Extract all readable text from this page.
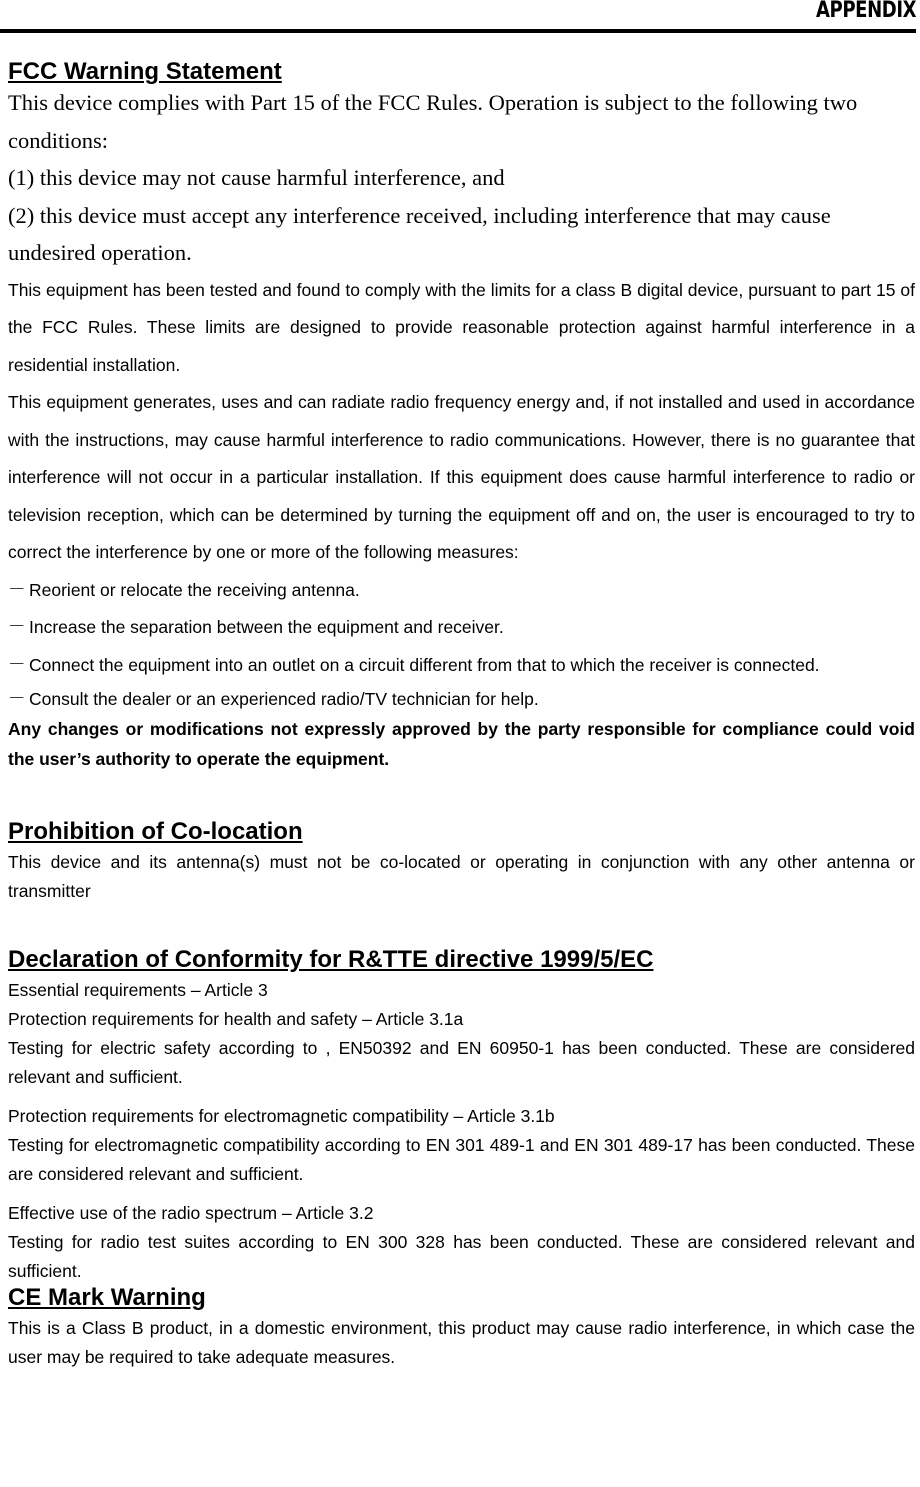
APPENDIX
FCC Warning Statement

This device complies with Part 15 of the FCC Rules. Operation is subject to the following two conditions:

(1) this device may not cause harmful interference, and

(2) this device must accept any interference received, including interference that may cause undesired operation.

This equipment has been tested and found to comply with the limits for a class B digital device, pursuant to part 15 of the FCC Rules. These limits are designed to provide reasonable protection against harmful interference in a residential installation.

This equipment generates, uses and can radiate radio frequency energy and, if not installed and used in accordance with the instructions, may cause harmful interference to radio communications. However, there is no guarantee that interference will not occur in a particular installation. If this equipment does cause harmful interference to radio or television reception, which can be determined by turning the equipment off and on, the user is encouraged to try to correct the interference by one or more of the following measures:

－ Reorient or relocate the receiving antenna.
－ Increase the separation between the equipment and receiver.
－ Connect the equipment into an outlet on a circuit different from that to which the receiver is connected.
－ Consult the dealer or an experienced radio/TV technician for help.

Any changes or modifications not expressly approved by the party responsible for compliance could void the user’s authority to operate the equipment.

Prohibition of Co-location

This device and its antenna(s) must not be co-located or operating in conjunction with any other antenna or transmitter

Declaration of Conformity for R&TTE directive 1999/5/EC

Essential requirements – Article 3

Protection requirements for health and safety – Article 3.1a

Testing for electric safety according to , EN50392 and EN 60950-1 has been conducted. These are considered relevant and sufficient.

Protection requirements for electromagnetic compatibility – Article 3.1b

Testing for electromagnetic compatibility according to EN 301 489-1 and EN 301 489-17 has been conducted. These are considered relevant and sufficient.

Effective use of the radio spectrum – Article 3.2

Testing for radio test suites according to EN 300 328 has been conducted. These are considered relevant and sufficient.

CE Mark Warning

This is a Class B product, in a domestic environment, this product may cause radio interference, in which case the user may be required to take adequate measures.
